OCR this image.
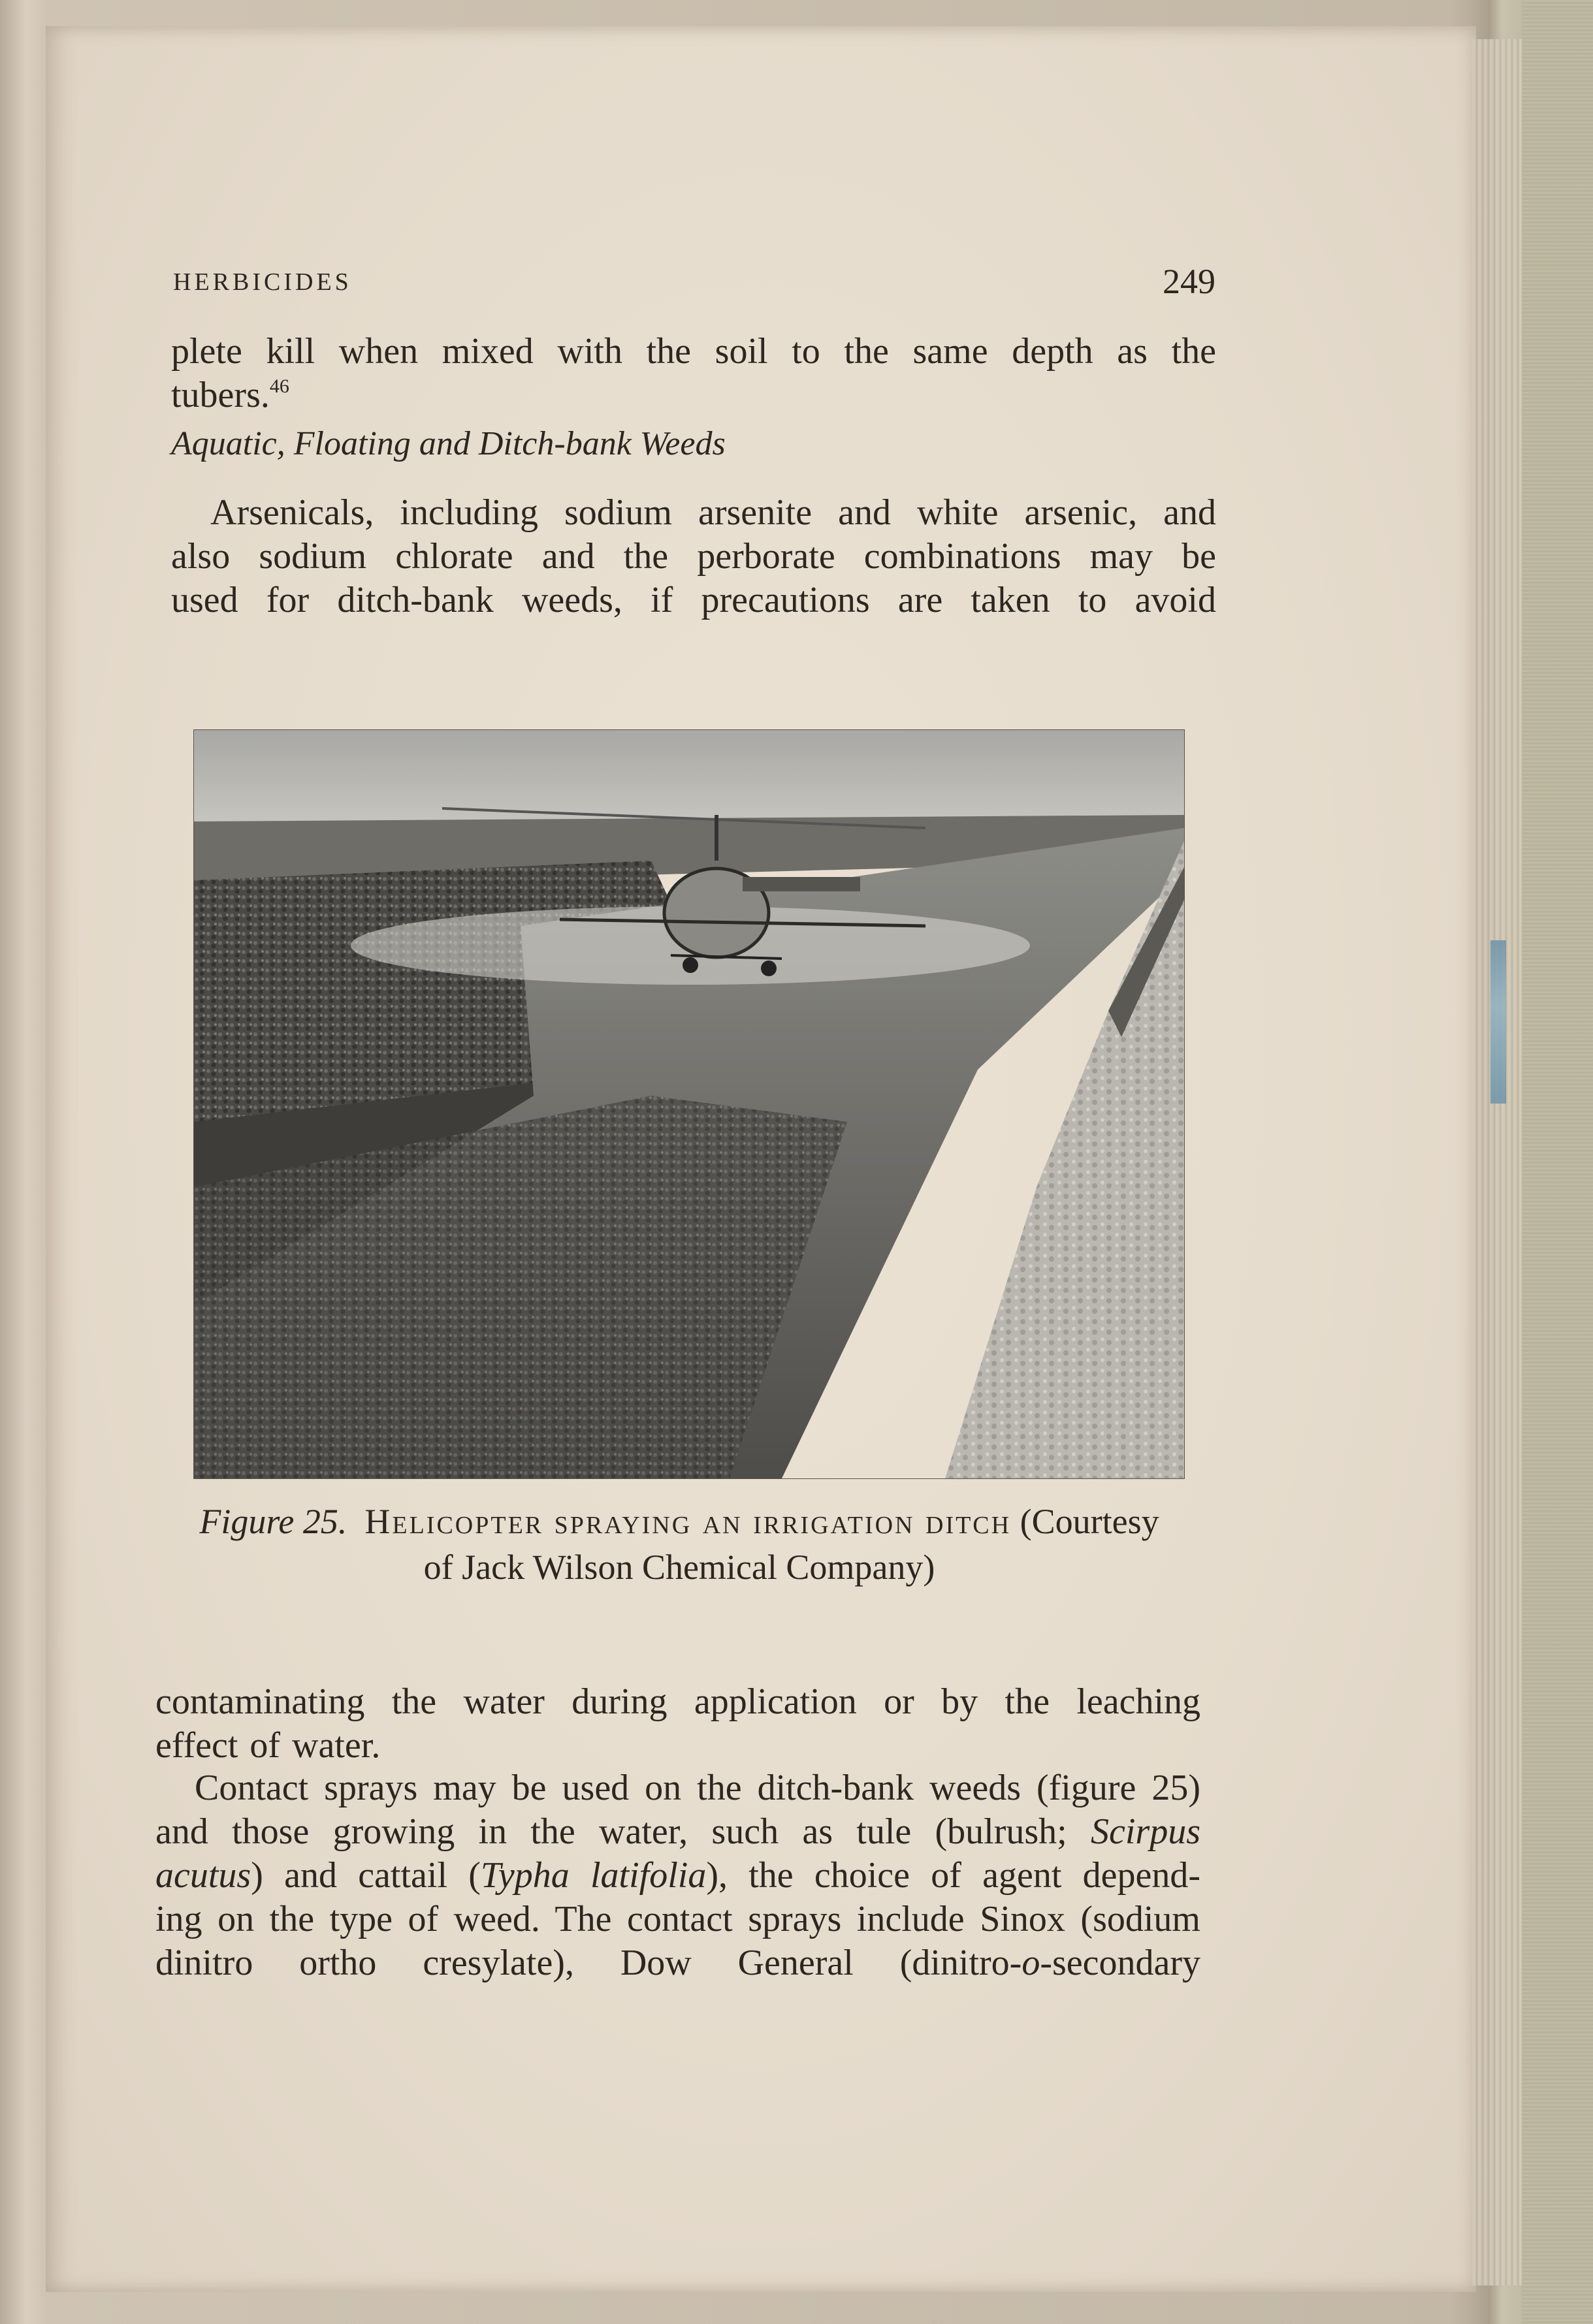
HERBICIDES	249
plete kill when mixed with the soil to the same depth as the
tubers.$^{46}$
Aquatic, Floating and Ditch-bank Weeds
Arsenicals, including sodium arsenite and white arsenic, and
also sodium chlorate and the perborate combinations may be
used for ditch-bank weeds, if precautions are taken to avoid
Figure 25. Helicopter spraying an irrigation ditch (Courtesy
of Jack Wilson Chemical Company)
contaminating the water during application or by the leaching
effect of water.
Contact sprays may be used on the ditch-bank weeds (figure 25)
and those growing in the water, such as tule (bulrush; Scirpus
acutus) and cattail (Typha latifolia), the choice of agent depend-
ing on the type of weed. The contact sprays include Sinox (sodium
dinitro ortho cresylate), Dow General (dinitro-o-secondary
